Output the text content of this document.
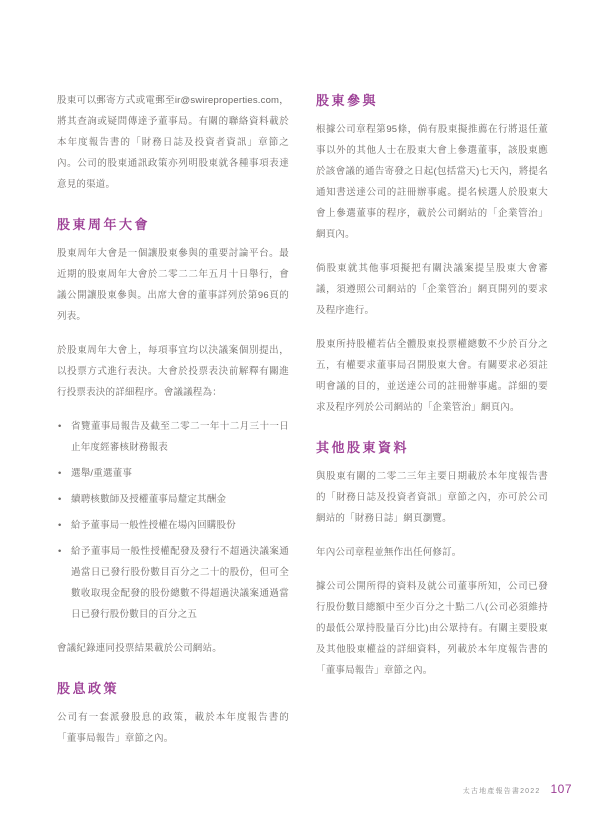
股東可以郵寄方式或電郵至ir@swireproperties.com，將其查詢或疑問傳達予董事局。有關的聯絡資料載於本年度報告書的「財務日誌及投資者資訊」章節之內。公司的股東通訊政策亦列明股東就各種事項表達意見的渠道。

股東周年大會

股東周年大會是一個讓股東參與的重要討論平台。最近期的股東周年大會於二零二二年五月十日舉行，會議公開讓股東參與。出席大會的董事詳列於第96頁的列表。

於股東周年大會上，每項事宜均以決議案個別提出，以投票方式進行表決。大會於投票表決前解釋有關進行投票表決的詳細程序。會議議程為：

• 省覽董事局報告及截至二零二一年十二月三十一日止年度經審核財務報表
• 選舉/重選董事
• 續聘核數師及授權董事局釐定其酬金
• 給予董事局一般性授權在場內回購股份
• 給予董事局一般性授權配發及發行不超過決議案通過當日已發行股份數目百分之二十的股份，但可全數收取現金配發的股份總數不得超過決議案通過當日已發行股份數目的百分之五

會議紀錄連同投票結果載於公司網站。

股息政策

公司有一套派發股息的政策，載於本年度報告書的「董事局報告」章節之內。

股東參與

根據公司章程第95條，倘有股東擬推薦在行將退任董事以外的其他人士在股東大會上參選董事，該股東應於該會議的通告寄發之日起(包括當天)七天內，將提名通知書送達公司的註冊辦事處。提名候選人於股東大會上參選董事的程序，載於公司網站的「企業管治」網頁內。

倘股東就其他事項擬把有關決議案提呈股東大會審議，須遵照公司網站的「企業管治」網頁開列的要求及程序進行。

股東所持股權若佔全體股東投票權總數不少於百分之五，有權要求董事局召開股東大會。有關要求必須註明會議的目的，並送達公司的註冊辦事處。詳細的要求及程序列於公司網站的「企業管治」網頁內。

其他股東資料

與股東有關的二零二三年主要日期載於本年度報告書的「財務日誌及投資者資訊」章節之內，亦可於公司網站的「財務日誌」網頁瀏覽。

年內公司章程並無作出任何修訂。

據公司公開所得的資料及就公司董事所知，公司已發行股份數目總額中至少百分之十點二八(公司必須維持的最低公眾持股量百分比)由公眾持有。有關主要股東及其他股東權益的詳細資料，列載於本年度報告書的「董事局報告」章節之內。

太古地產報告書2022 107
